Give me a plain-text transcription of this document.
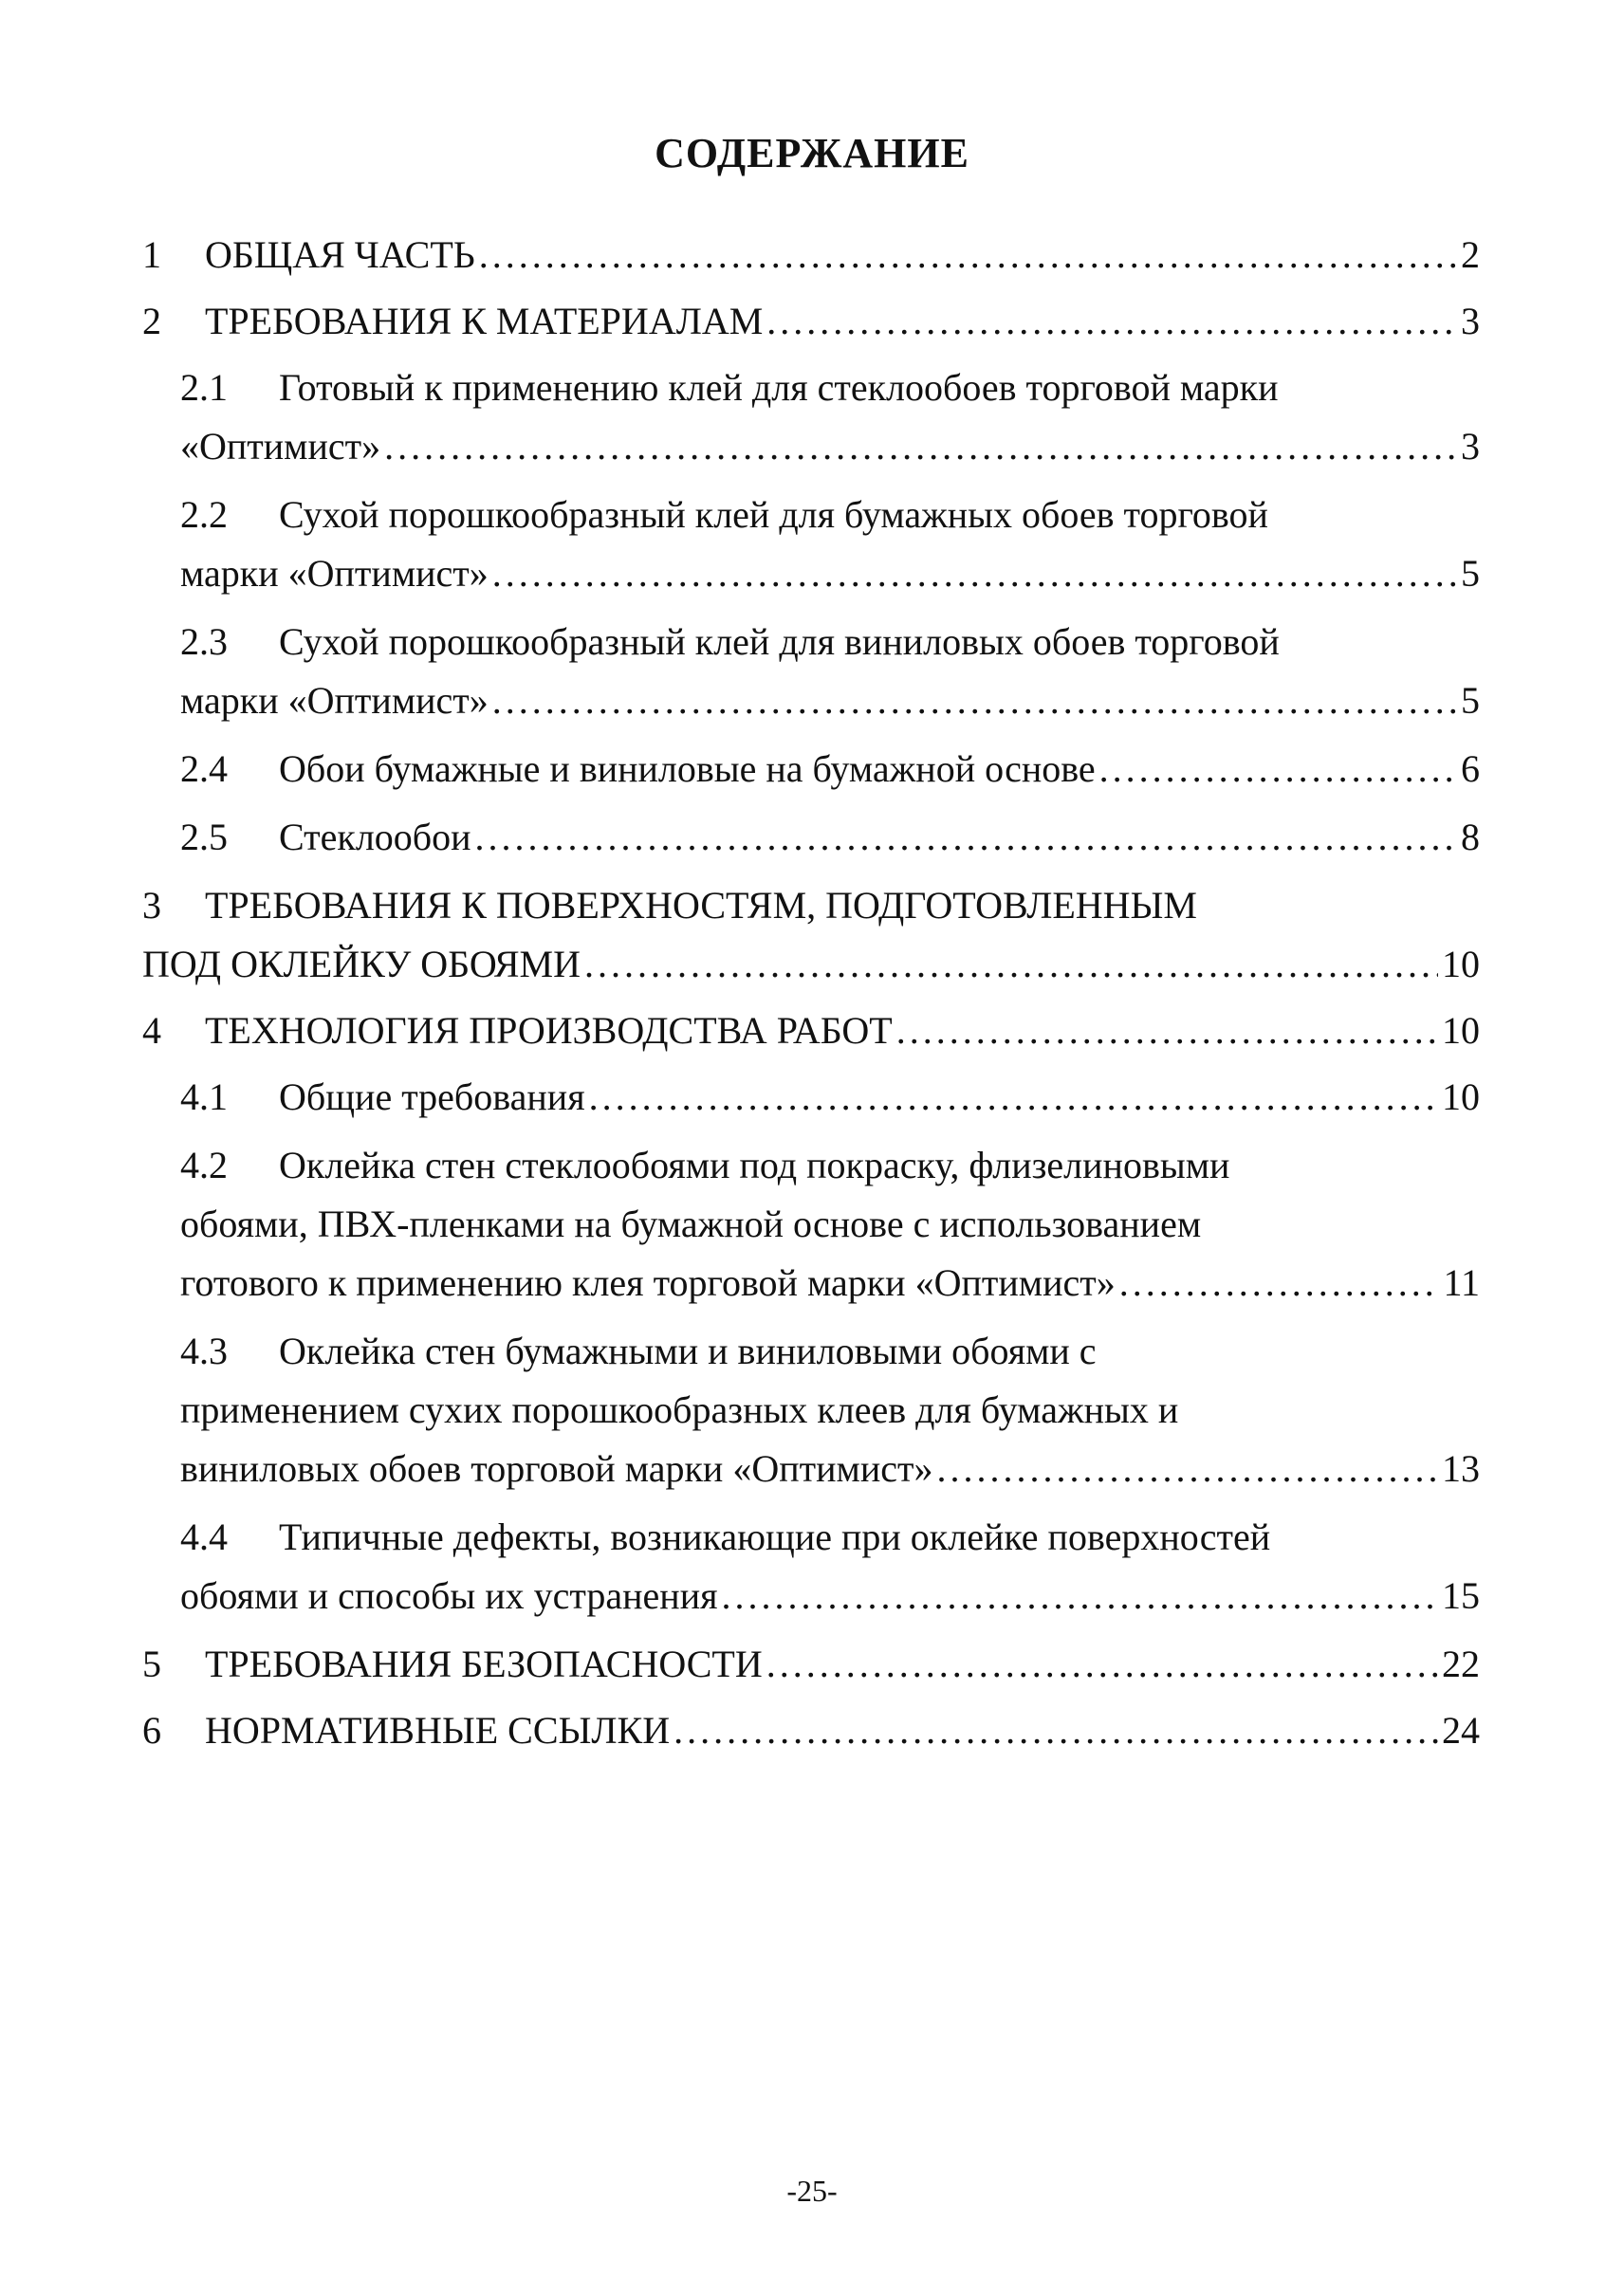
СОДЕРЖАНИЕ
1 ОБЩАЯ ЧАСТЬ . . .	2
2 ТРЕБОВАНИЯ К МАТЕРИАЛАМ . . .	3
2.1 Готовый к применению клей для стеклообоев торговой марки
«Оптимист» . . .	3
2.2 Сухой порошкообразный клей для бумажных обоев торговой
марки «Оптимист» . . .	5
2.3 Сухой порошкообразный клей для виниловых обоев торговой
марки «Оптимист» . . .	5
2.4 Обои бумажные и виниловые на бумажной основе . . .	6
2.5 Стеклообои . . .	8
3 ТРЕБОВАНИЯ К ПОВЕРХНОСТЯМ, ПОДГОТОВЛЕННЫМ
ПОД ОКЛЕЙКУ ОБОЯМИ . . .	10
4 ТЕХНОЛОГИЯ ПРОИЗВОДСТВА РАБОТ . . .	10
4.1 Общие требования . . .	10
4.2 Оклейка стен стеклообоями под покраску, флизелиновыми
обоями, ПВХ-пленками на бумажной основе с использованием
готового к применению клея торговой марки «Оптимист» . . .	11
4.3 Оклейка стен бумажными и виниловыми обоями с
применением сухих порошкообразных клеев для бумажных и
виниловых обоев торговой марки «Оптимист» . . .	13
4.4 Типичные дефекты, возникающие при оклейке поверхностей
обоями и способы их устранения . . .	15
5 ТРЕБОВАНИЯ БЕЗОПАСНОСТИ . . .	22
6 НОРМАТИВНЫЕ ССЫЛКИ . . .	24
-25-
